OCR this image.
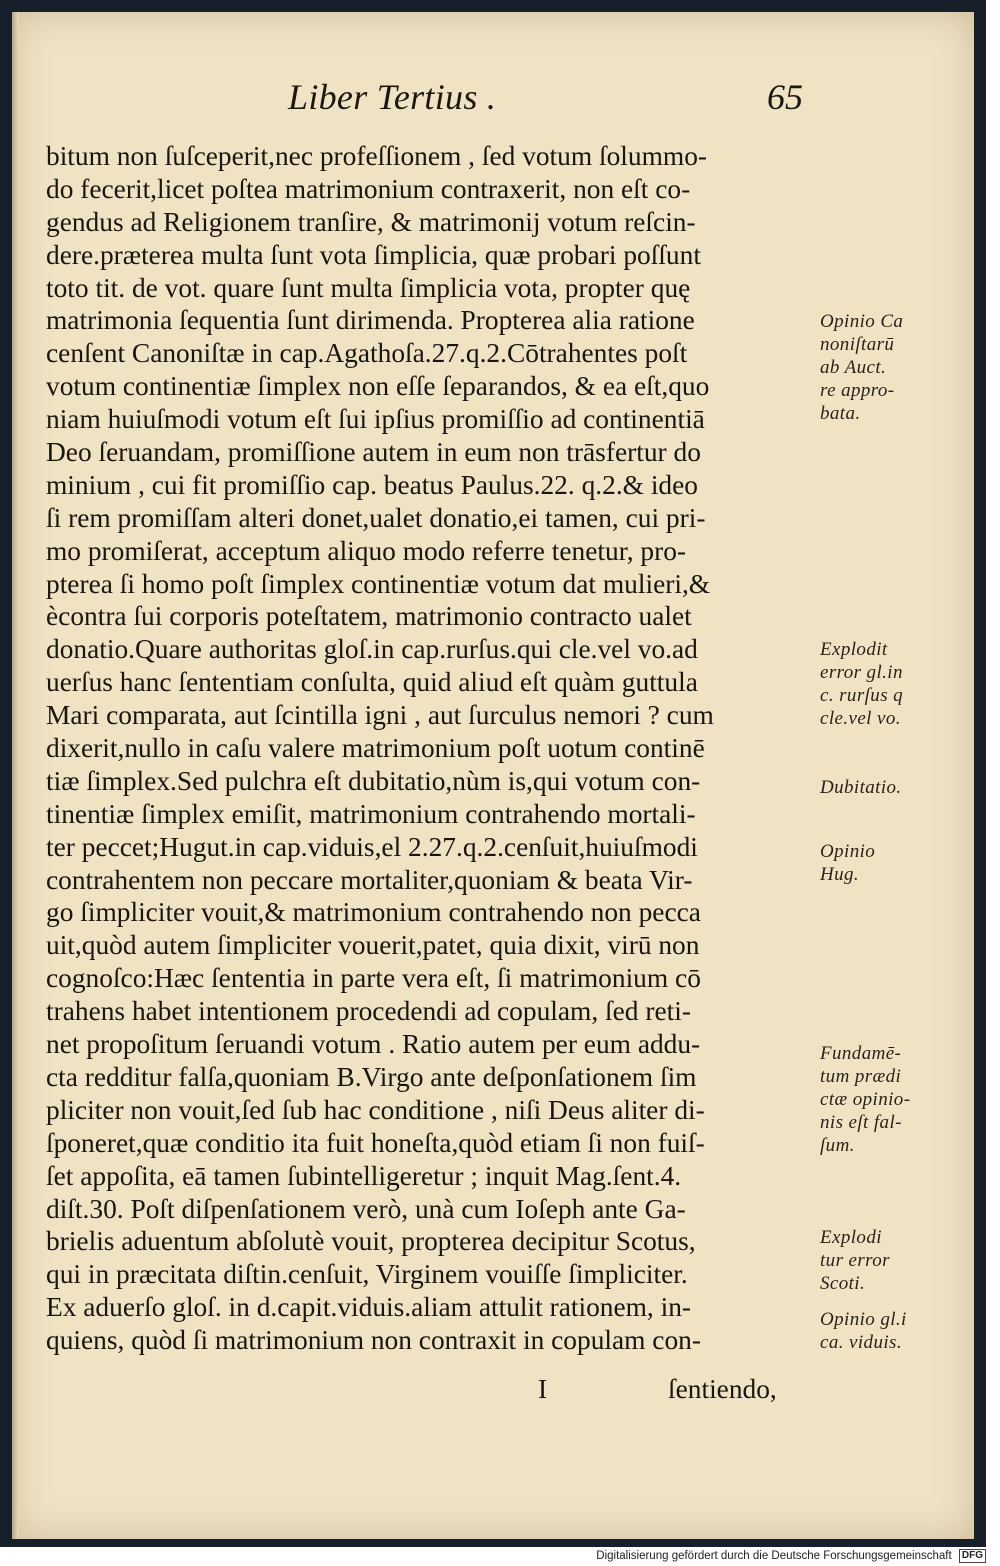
Liber Tertius .	65
bitum non ſuſceperit,nec profeſſionem , ſed votum ſolummo-
do fecerit,licet poſtea matrimonium contraxerit, non eſt co-
gendus ad Religionem tranſire, & matrimonij votum reſcin-
dere.præterea multa ſunt vota ſimplicia, quæ probari poſſunt
toto tit. de vot. quare ſunt multa ſimplicia vota, propter quę
matrimonia ſequentia ſunt dirimenda. Propterea alia ratione
cenſent Canoniſtæ in cap.Agathoſa.27.q.2.Cōtrahentes poſt
votum continentiæ ſimplex non eſſe ſeparandos, & ea eſt,quo
niam huiuſmodi votum eſt ſui ipſius promiſſio ad continentiā
Deo ſeruandam, promiſſione autem in eum non trāsfertur do
minium , cui fit promiſſio cap. beatus Paulus.22. q.2.& ideo
ſi rem promiſſam alteri donet,ualet donatio,ei tamen, cui pri-
mo promiſerat, acceptum aliquo modo referre tenetur, pro-
pterea ſi homo poſt ſimplex continentiæ votum dat mulieri,&
ècontra ſui corporis poteſtatem, matrimonio contracto ualet
donatio.Quare authoritas gloſ.in cap.rurſus.qui cle.vel vo.ad
uerſus hanc ſententiam conſulta, quid aliud eſt quàm guttula
Mari comparata, aut ſcintilla igni , aut ſurculus nemori ? cum
dixerit,nullo in caſu valere matrimonium poſt uotum continē
tiæ ſimplex.Sed pulchra eſt dubitatio,nùm is,qui votum con-
tinentiæ ſimplex emiſit, matrimonium contrahendo mortali-
ter peccet;Hugut.in cap.viduis,el 2.27.q.2.cenſuit,huiuſmodi
contrahentem non peccare mortaliter,quoniam & beata Vir-
go ſimpliciter vouit,& matrimonium contrahendo non pecca
uit,quòd autem ſimpliciter vouerit,patet, quia dixit, virū non
cognoſco:Hæc ſententia in parte vera eſt, ſi matrimonium cō
trahens habet intentionem procedendi ad copulam, ſed reti-
net propoſitum ſeruandi votum . Ratio autem per eum addu-
cta redditur falſa,quoniam B.Virgo ante deſponſationem ſim
pliciter non vouit,ſed ſub hac conditione , niſi Deus aliter di-
ſponeret,quæ conditio ita fuit honeſta,quòd etiam ſi non fuiſ-
ſet appoſita, eā tamen ſubintelligeretur ; inquit Mag.ſent.4.
diſt.30. Poſt diſpenſationem verò, unà cum Ioſeph ante Ga-
brielis aduentum abſolutè vouit, propterea decipitur Scotus,
qui in præcitata diſtin.cenſuit, Virginem vouiſſe ſimpliciter.
Ex aduerſo gloſ. in d.capit.viduis.aliam attulit rationem, in-
quiens, quòd ſi matrimonium non contraxit in copulam con-
I	ſentiendo,
Opinio Ca
noniſtarū
ab Auct.
re appro-
bata.
Explodit
error gl.in
c. rurſus q
cle.vel vo.
Dubitatio.
Opinio
Hug.
Fundamē-
tum prædi
ctæ opinio-
nis eſt fal-
ſum.
Explodi
tur error
Scoti.
Opinio gl.i
ca. viduis.
Digitalisierung gefördert durch die Deutsche Forschungsgemeinschaft DFG
